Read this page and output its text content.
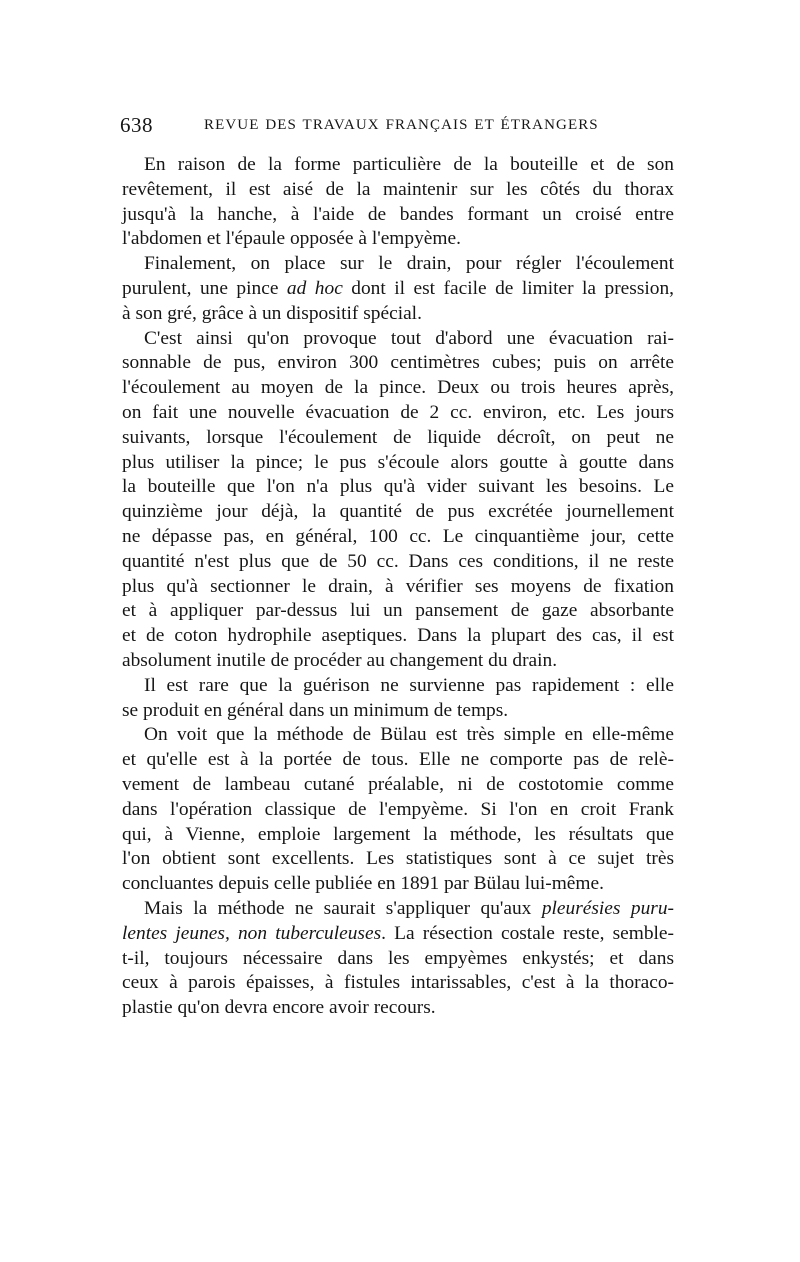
638	REVUE DES TRAVAUX FRANÇAIS ET ÉTRANGERS
En raison de la forme particulière de la bouteille et de son
revêtement, il est aisé de la maintenir sur les côtés du thorax
jusqu'à la hanche, à l'aide de bandes formant un croisé entre
l'abdomen et l'épaule opposée à l'empyème.
Finalement, on place sur le drain, pour régler l'écoulement
purulent, une pince ad hoc dont il est facile de limiter la pression,
à son gré, grâce à un dispositif spécial.
C'est ainsi qu'on provoque tout d'abord une évacuation rai-
sonnable de pus, environ 300 centimètres cubes; puis on arrête
l'écoulement au moyen de la pince. Deux ou trois heures après,
on fait une nouvelle évacuation de 2 cc. environ, etc. Les jours
suivants, lorsque l'écoulement de liquide décroît, on peut ne
plus utiliser la pince; le pus s'écoule alors goutte à goutte dans
la bouteille que l'on n'a plus qu'à vider suivant les besoins. Le
quinzième jour déjà, la quantité de pus excrétée journellement
ne dépasse pas, en général, 100 cc. Le cinquantième jour, cette
quantité n'est plus que de 50 cc. Dans ces conditions, il ne reste
plus qu'à sectionner le drain, à vérifier ses moyens de fixation
et à appliquer par-dessus lui un pansement de gaze absorbante
et de coton hydrophile aseptiques. Dans la plupart des cas, il est
absolument inutile de procéder au changement du drain.
Il est rare que la guérison ne survienne pas rapidement : elle
se produit en général dans un minimum de temps.
On voit que la méthode de Bülau est très simple en elle-même
et qu'elle est à la portée de tous. Elle ne comporte pas de relè-
vement de lambeau cutané préalable, ni de costotomie comme
dans l'opération classique de l'empyème. Si l'on en croit Frank
qui, à Vienne, emploie largement la méthode, les résultats que
l'on obtient sont excellents. Les statistiques sont à ce sujet très
concluantes depuis celle publiée en 1891 par Bülau lui-même.
Mais la méthode ne saurait s'appliquer qu'aux pleurésies puru-
lentes jeunes, non tuberculeuses. La résection costale reste, semble-
t-il, toujours nécessaire dans les empyèmes enkystés; et dans
ceux à parois épaisses, à fistules intarissables, c'est à la thoraco-
plastie qu'on devra encore avoir recours.
